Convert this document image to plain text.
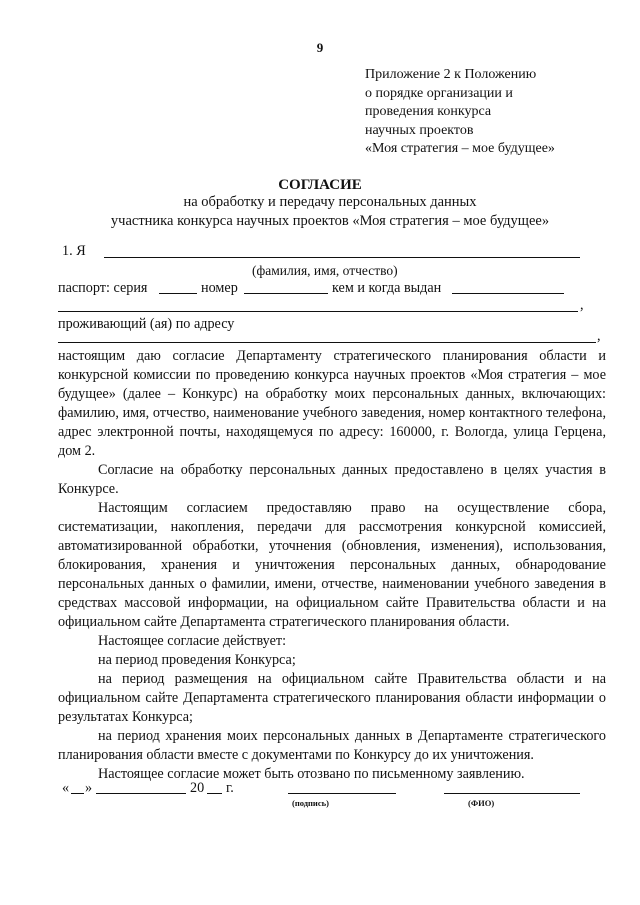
9
Приложение 2 к Положению
о порядке организации и
проведения конкурса
научных проектов
«Моя стратегия – мое будущее»
СОГЛАСИЕ
на обработку и передачу персональных данных
участника конкурса научных проектов «Моя стратегия – мое будущее»
1. Я
(фамилия, имя, отчество)
паспорт: серия	номер	кем и когда выдан
,
проживающий (ая) по адресу
,

настоящим даю согласие Департаменту стратегического планирования области и конкурсной комиссии по проведению конкурса научных проектов «Моя стратегия – мое будущее» (далее – Конкурс) на обработку моих персональных данных, включающих: фамилию, имя, отчество, наименование учебного заведения, номер контактного телефона, адрес электронной почты, находящемуся по адресу: 160000, г. Вологда, улица Герцена, дом 2.

Согласие на обработку персональных данных предоставлено в целях участия в Конкурсе.

Настоящим согласием предоставляю право на осуществление сбора, систематизации, накопления, передачи для рассмотрения конкурсной комиссией, автоматизированной обработки, уточнения (обновления, изменения), использования, блокирования, хранения и уничтожения персональных данных, обнародование персональных данных о фамилии, имени, отчестве, наименовании учебного заведения в средствах массовой информации, на официальном сайте Правительства области и на официальном сайте Департамента стратегического планирования области.

Настоящее согласие действует:

на период проведения Конкурса;

на период размещения на официальном сайте Правительства области и на официальном сайте Департамента стратегического планирования области информации о результатах Конкурса;

на период хранения моих персональных данных в Департаменте стратегического планирования области вместе с документами по Конкурсу до их уничтожения.

Настоящее согласие может быть отозвано по письменному заявлению.

« »	20 г.
(подпись)	(ФИО)
